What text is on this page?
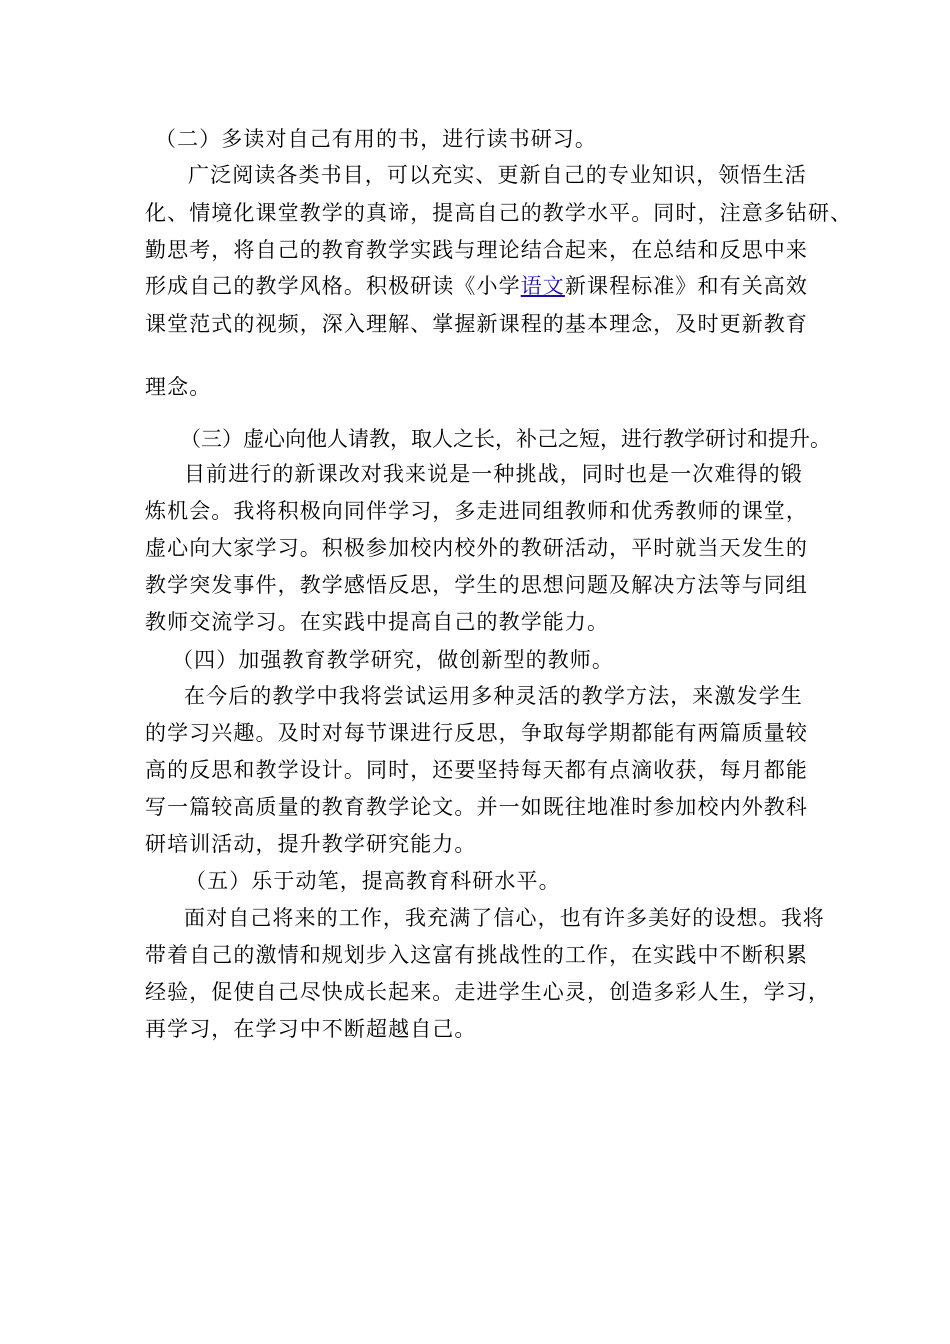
（二）多读对自己有用的书，进行读书研习。
广泛阅读各类书目，可以充实、更新自己的专业知识，领悟生活
化、情境化课堂教学的真谛，提高自己的教学水平。同时，注意多钻研、
勤思考，将自己的教育教学实践与理论结合起来，在总结和反思中来
形成自己的教学风格。积极研读《小学语文新课程标准》和有关高效
课堂范式的视频，深入理解、掌握新课程的基本理念，及时更新教育
理念。
（三）虚心向他人请教，取人之长，补己之短，进行教学研讨和提升。
目前进行的新课改对我来说是一种挑战，同时也是一次难得的锻
炼机会。我将积极向同伴学习，多走进同组教师和优秀教师的课堂，
虚心向大家学习。积极参加校内校外的教研活动，平时就当天发生的
教学突发事件，教学感悟反思，学生的思想问题及解决方法等与同组
教师交流学习。在实践中提高自己的教学能力。
（四）加强教育教学研究，做创新型的教师。
在今后的教学中我将尝试运用多种灵活的教学方法，来激发学生
的学习兴趣。及时对每节课进行反思，争取每学期都能有两篇质量较
高的反思和教学设计。同时，还要坚持每天都有点滴收获，每月都能
写一篇较高质量的教育教学论文。并一如既往地准时参加校内外教科
研培训活动，提升教学研究能力。
（五）乐于动笔，提高教育科研水平。
面对自己将来的工作，我充满了信心，也有许多美好的设想。我将
带着自己的激情和规划步入这富有挑战性的工作，在实践中不断积累
经验，促使自己尽快成长起来。走进学生心灵，创造多彩人生，学习，
再学习，在学习中不断超越自己。
